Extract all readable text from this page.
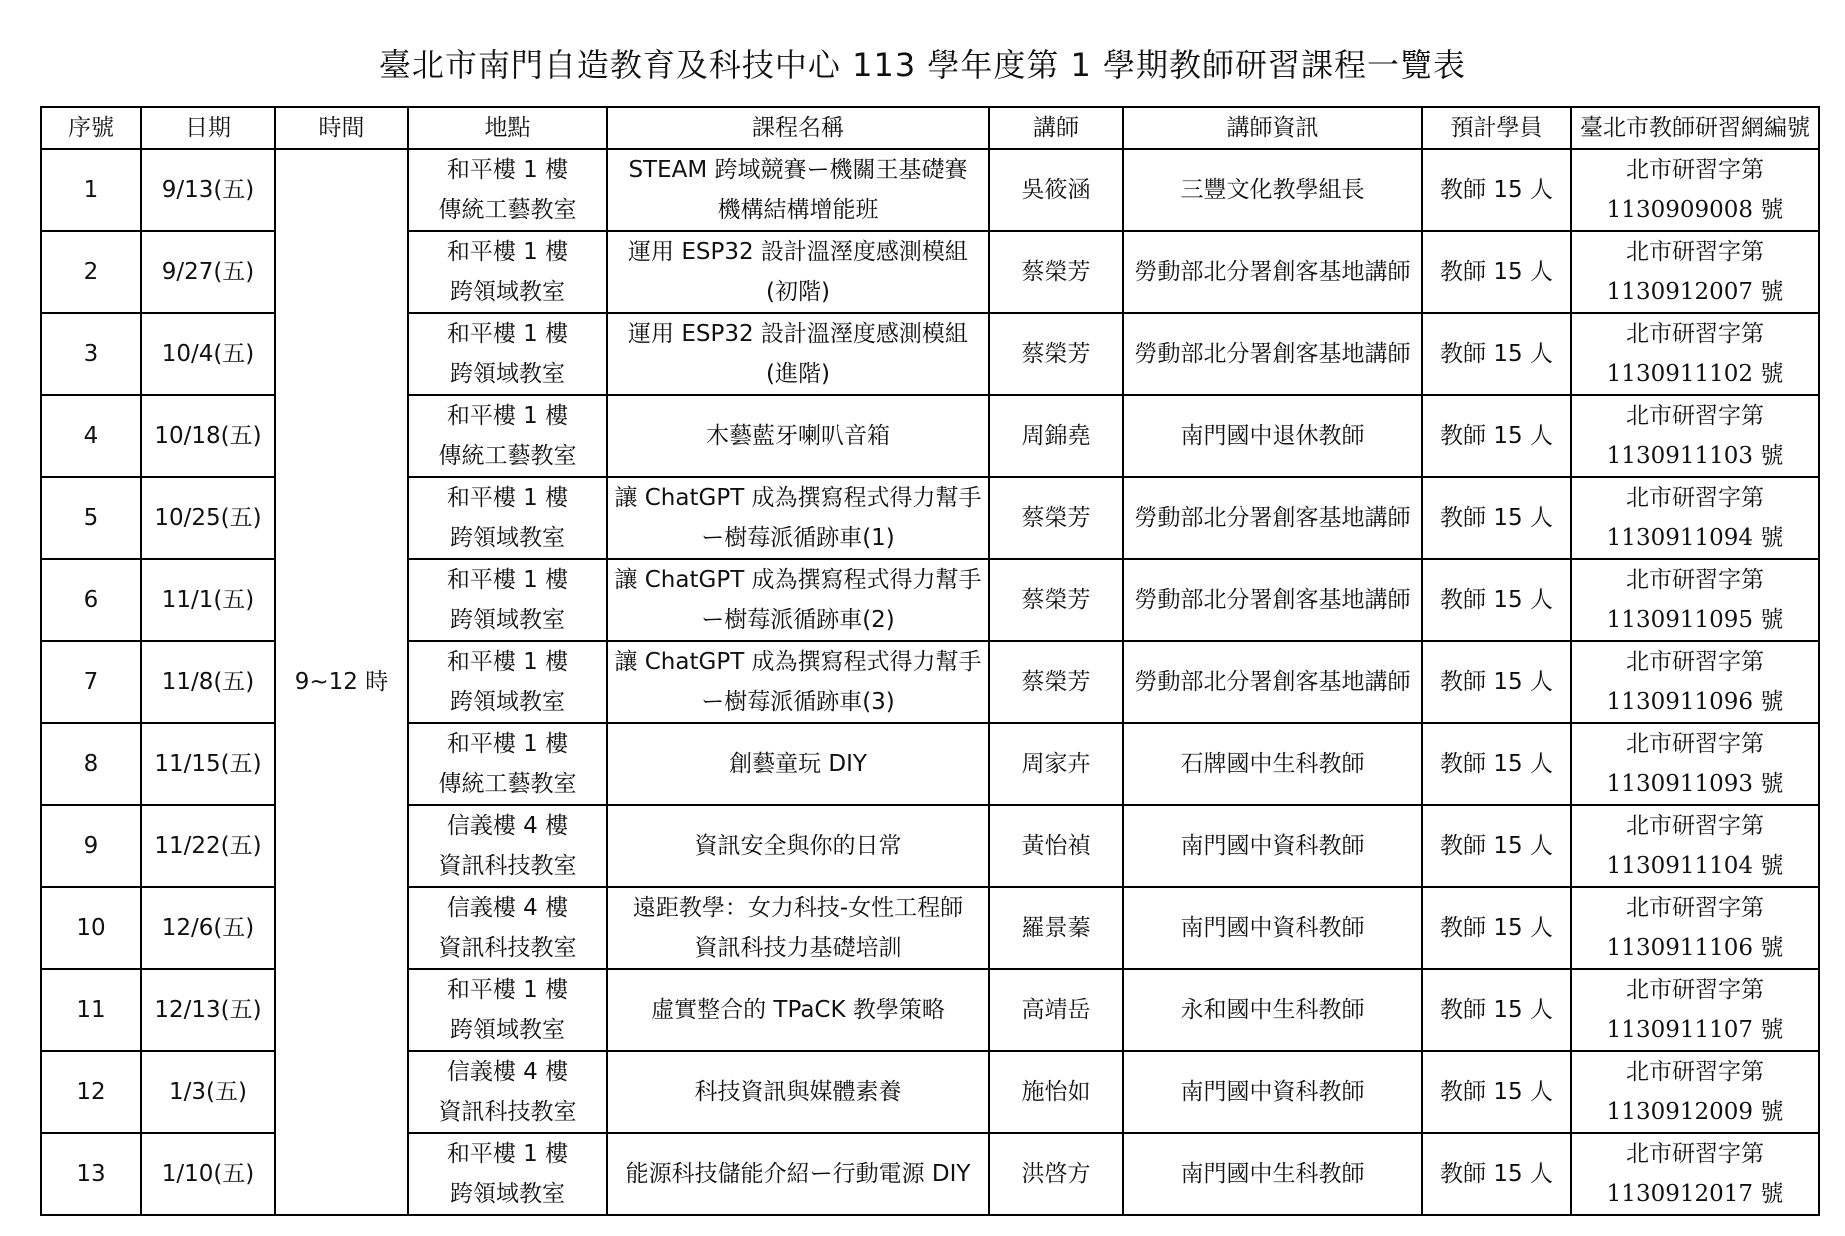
臺北市南門自造教育及科技中心 113 學年度第 1 學期教師研習課程一覽表
序號	日期	時間	地點	課程名稱	講師	講師資訊	預計學員	臺北市教師研習網編號
1	9/13(五)	9~12 時	和平樓 1 樓
傳統工藝教室	STEAM 跨域競賽ー機關王基礎賽
機構結構增能班	吳筱涵	三豐文化教學組長	教師 15 人	北市研習字第
1130909008 號

2	9/27(五)		和平樓 1 樓
跨領域教室	運用 ESP32 設計溫溼度感測模組
(初階)	蔡榮芳	勞動部北分署創客基地講師	教師 15 人	北市研習字第
1130912007 號

3	10/4(五)		和平樓 1 樓
跨領域教室	運用 ESP32 設計溫溼度感測模組
(進階)	蔡榮芳	勞動部北分署創客基地講師	教師 15 人	北市研習字第
1130911102 號

4	10/18(五)		和平樓 1 樓
傳統工藝教室	木藝藍牙喇叭音箱	周錦堯	南門國中退休教師	教師 15 人	北市研習字第
1130911103 號

5	10/25(五)		和平樓 1 樓
跨領域教室	讓 ChatGPT 成為撰寫程式得力幫手
ー樹莓派循跡車(1)	蔡榮芳	勞動部北分署創客基地講師	教師 15 人	北市研習字第
1130911094 號

6	11/1(五)		和平樓 1 樓
跨領域教室	讓 ChatGPT 成為撰寫程式得力幫手
ー樹莓派循跡車(2)	蔡榮芳	勞動部北分署創客基地講師	教師 15 人	北市研習字第
1130911095 號

7	11/8(五)		和平樓 1 樓
跨領域教室	讓 ChatGPT 成為撰寫程式得力幫手
ー樹莓派循跡車(3)	蔡榮芳	勞動部北分署創客基地講師	教師 15 人	北市研習字第
1130911096 號

8	11/15(五)		和平樓 1 樓
傳統工藝教室	創藝童玩 DIY	周家卉	石牌國中生科教師	教師 15 人	北市研習字第
1130911093 號

9	11/22(五)		信義樓 4 樓
資訊科技教室	資訊安全與你的日常	黃怡禎	南門國中資科教師	教師 15 人	北市研習字第
1130911104 號

10	12/6(五)		信義樓 4 樓
資訊科技教室	遠距教學：女力科技-女性工程師
資訊科技力基礎培訓	羅景蓁	南門國中資科教師	教師 15 人	北市研習字第
1130911106 號

11	12/13(五)		和平樓 1 樓
跨領域教室	虛實整合的 TPaCK 教學策略	高靖岳	永和國中生科教師	教師 15 人	北市研習字第
1130911107 號

12	1/3(五)		信義樓 4 樓
資訊科技教室	科技資訊與媒體素養	施怡如	南門國中資科教師	教師 15 人	北市研習字第
1130912009 號

13	1/10(五)		和平樓 1 樓
跨領域教室	能源科技儲能介紹ー行動電源 DIY	洪啓方	南門國中生科教師	教師 15 人	北市研習字第
1130912017 號
